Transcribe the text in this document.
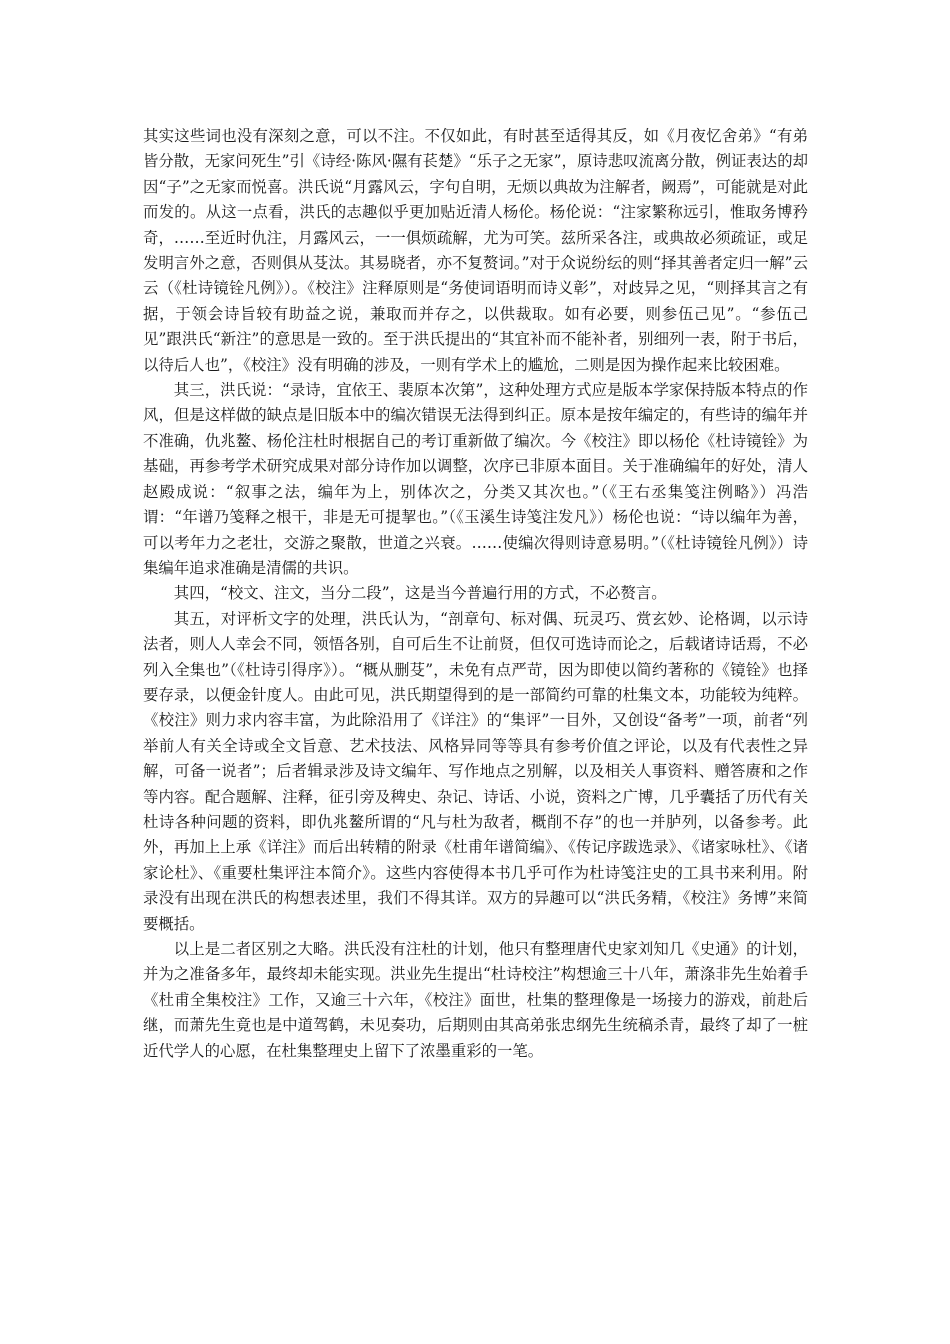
其实这些词也没有深刻之意，可以不注。不仅如此，有时甚至适得其反，如《月夜忆舍弟》“有弟皆分散，无家问死生”引《诗经·陈风·隰有苌楚》“乐子之无家”，原诗悲叹流离分散，例证表达的却因“子”之无家而悦喜。洪氏说“月露风云，字句自明，无烦以典故为注解者，阙焉”，可能就是对此而发的。从这一点看，洪氏的志趣似乎更加贴近清人杨伦。杨伦说：“注家繁称远引，惟取务博矜奇，……至近时仇注，月露风云，一一俱烦疏解，尤为可笑。兹所采各注，或典故必须疏证，或足发明言外之意，否则俱从芟汰。其易晓者，亦不复赘词。”对于众说纷纭的则“择其善者定归一解”云云（《杜诗镜铨凡例》）。《校注》注释原则是“务使词语明而诗义彰”，对歧异之见，“则择其言之有据，于领会诗旨较有助益之说，兼取而并存之，以供裁取。如有必要，则参伍己见”。“参伍己见”跟洪氏“新注”的意思是一致的。至于洪氏提出的“其宜补而不能补者，别细列一表，附于书后，以待后人也”，《校注》没有明确的涉及，一则有学术上的尴尬，二则是因为操作起来比较困难。

其三，洪氏说：“录诗，宜依王、裴原本次第”，这种处理方式应是版本学家保持版本特点的作风，但是这样做的缺点是旧版本中的编次错误无法得到纠正。原本是按年编定的，有些诗的编年并不准确，仇兆鳌、杨伦注杜时根据自己的考订重新做了编次。今《校注》即以杨伦《杜诗镜铨》为基础，再参考学术研究成果对部分诗作加以调整，次序已非原本面目。关于准确编年的好处，清人赵殿成说：“叙事之法，编年为上，别体次之，分类又其次也。”（《王右丞集笺注例略》）冯浩谓：“年谱乃笺释之根干，非是无可提挈也。”（《玉溪生诗笺注发凡》）杨伦也说：“诗以编年为善，可以考年力之老壮，交游之聚散，世道之兴衰。……使编次得则诗意易明。”（《杜诗镜铨凡例》）诗集编年追求准确是清儒的共识。

其四，“校文、注文，当分二段”，这是当今普遍行用的方式，不必赘言。

其五，对评析文字的处理，洪氏认为，“剖章句、标对偶、玩灵巧、赏玄妙、论格调，以示诗法者，则人人幸会不同，领悟各别，自可后生不让前贤，但仅可选诗而论之，后载诸诗话焉，不必列入全集也”（《杜诗引得序》）。“概从删芟”，未免有点严苛，因为即使以简约著称的《镜铨》也择要存录，以便金针度人。由此可见，洪氏期望得到的是一部简约可靠的杜集文本，功能较为纯粹。《校注》则力求内容丰富，为此除沿用了《详注》的“集评”一目外，又创设“备考”一项，前者“列举前人有关全诗或全文旨意、艺术技法、风格异同等等具有参考价值之评论，以及有代表性之异解，可备一说者”；后者辑录涉及诗文编年、写作地点之别解，以及相关人事资料、赠答赓和之作等内容。配合题解、注释，征引旁及稗史、杂记、诗话、小说，资料之广博，几乎囊括了历代有关杜诗各种问题的资料，即仇兆鳌所谓的“凡与杜为敌者，概削不存”的也一并胪列，以备参考。此外，再加上上承《详注》而后出转精的附录《杜甫年谱简编》、《传记序跋选录》、《诸家咏杜》、《诸家论杜》、《重要杜集评注本简介》。这些内容使得本书几乎可作为杜诗笺注史的工具书来利用。附录没有出现在洪氏的构想表述里，我们不得其详。双方的异趣可以“洪氏务精，《校注》务博”来简要概括。

以上是二者区别之大略。洪氏没有注杜的计划，他只有整理唐代史家刘知几《史通》的计划，并为之准备多年，最终却未能实现。洪业先生提出“杜诗校注”构想逾三十八年，萧涤非先生始着手《杜甫全集校注》工作，又逾三十六年，《校注》面世，杜集的整理像是一场接力的游戏，前赴后继，而萧先生竟也是中道驾鹤，未见奏功，后期则由其高弟张忠纲先生统稿杀青，最终了却了一桩近代学人的心愿，在杜集整理史上留下了浓墨重彩的一笔。
